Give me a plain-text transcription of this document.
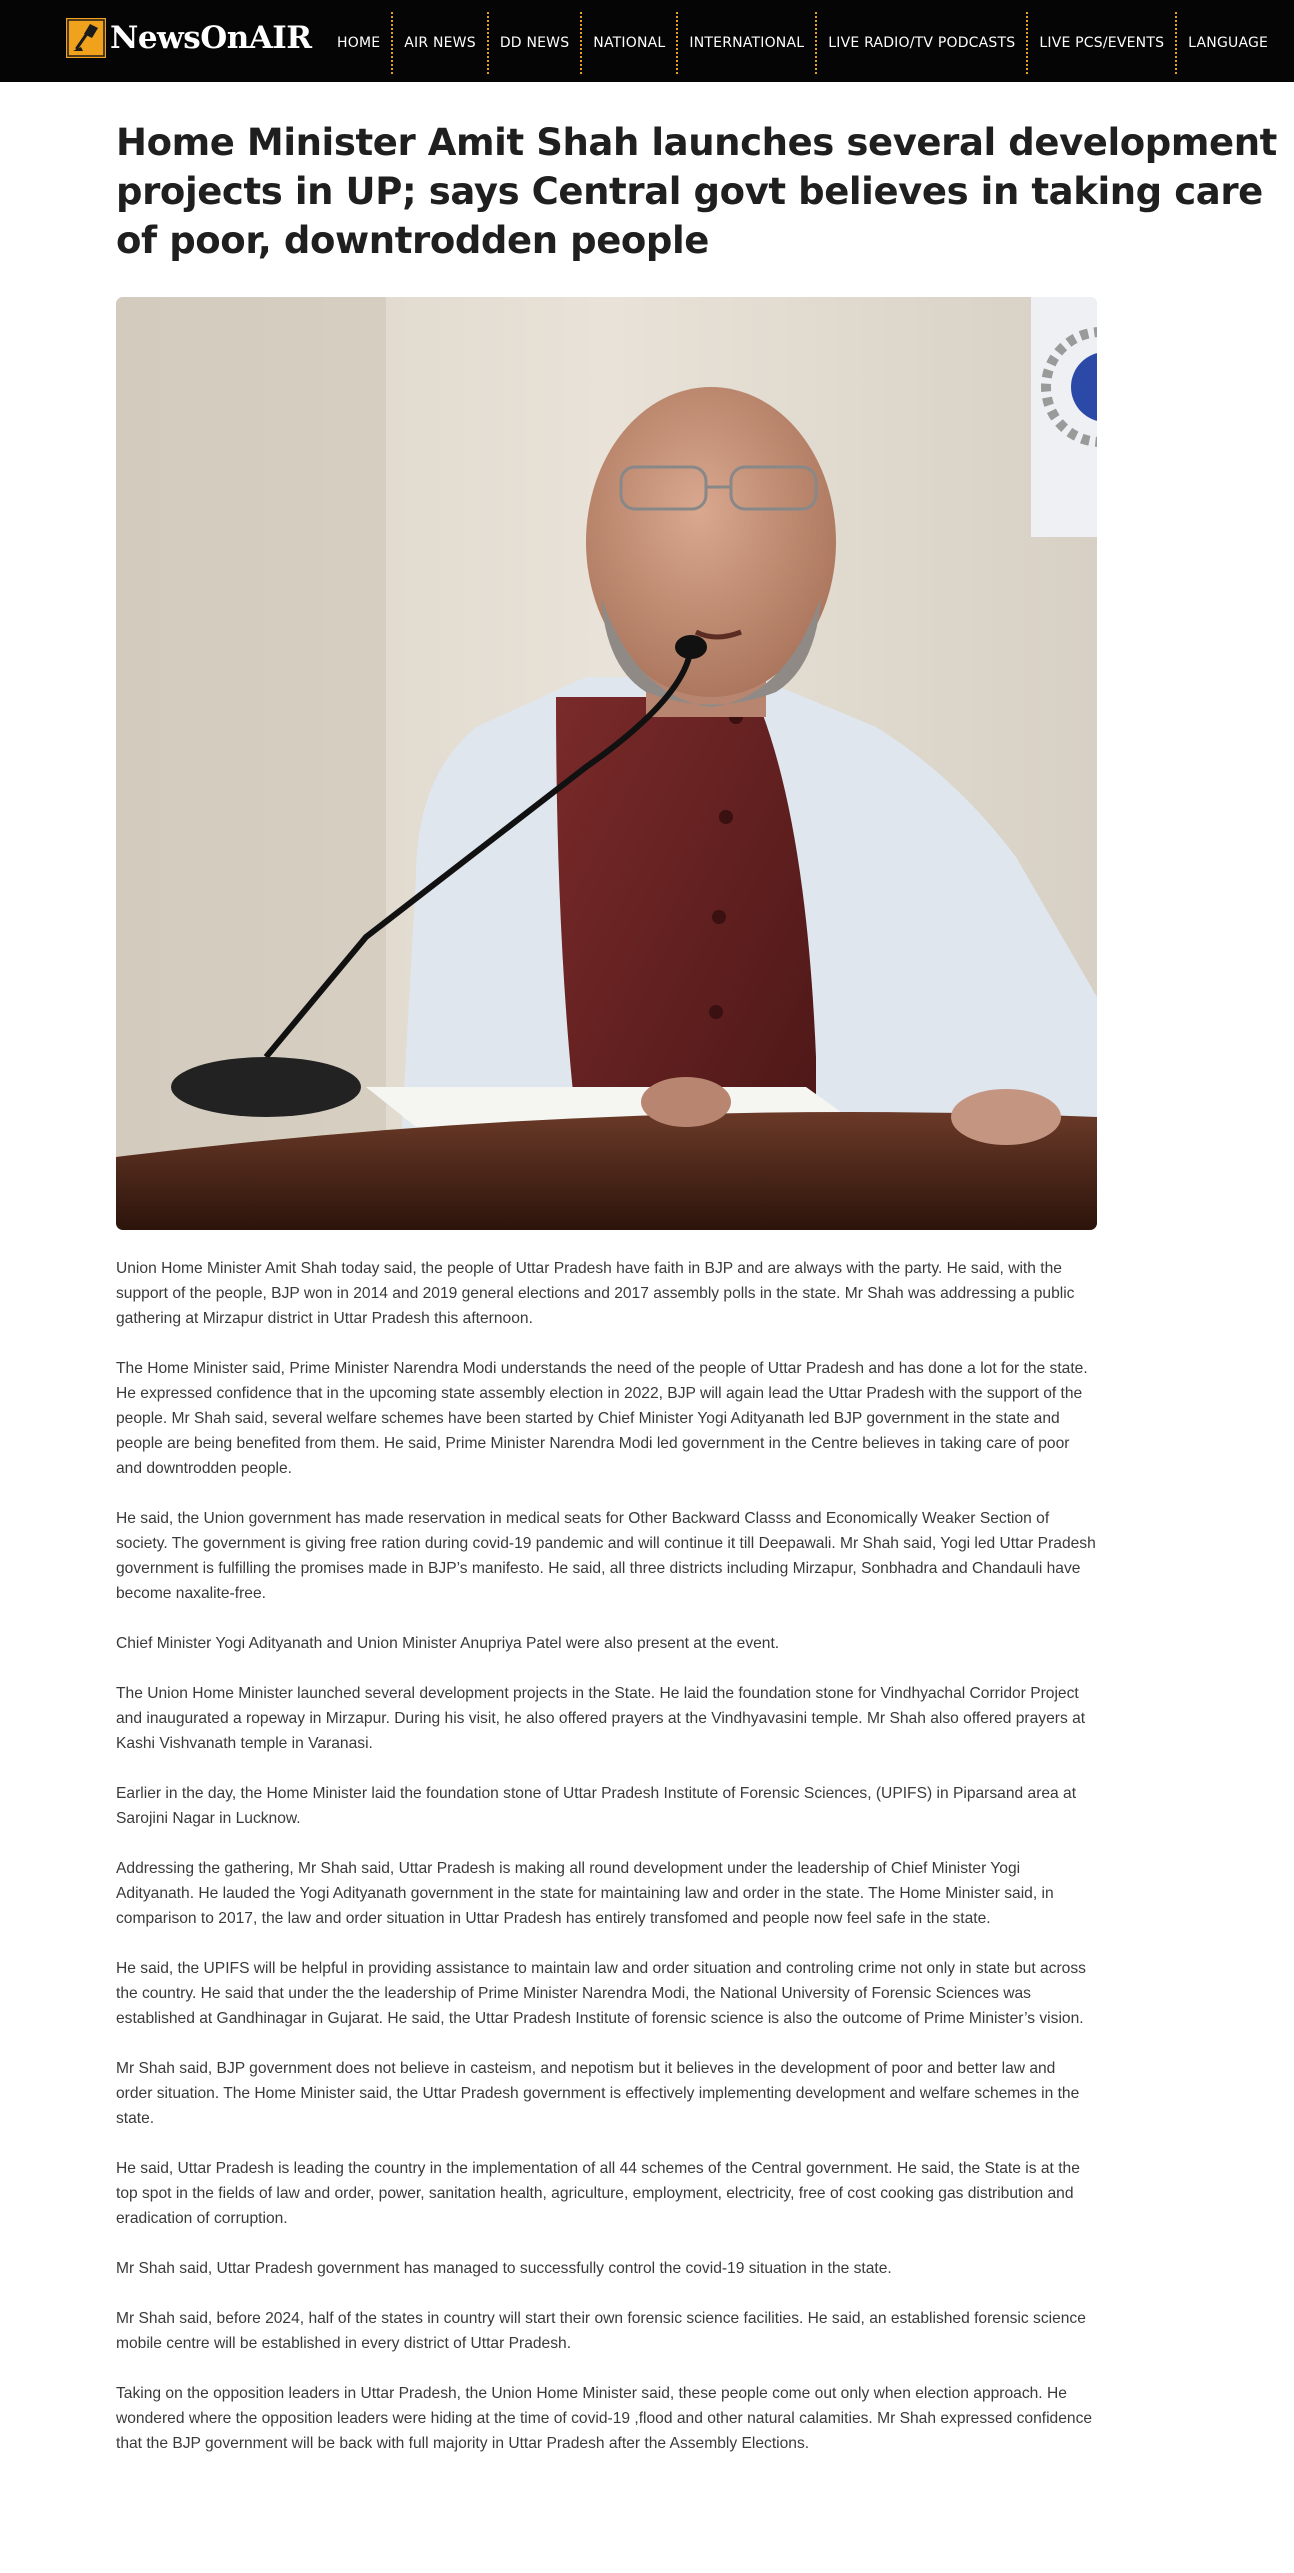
NewsOnAIR	HOME	AIR NEWS	DD NEWS	NATIONAL	INTERNATIONAL	LIVE RADIO/TV PODCASTS	LIVE PCS/EVENTS	LANGUAGE
Home Minister Amit Shah launches several development projects in UP; says Central govt believes in taking care of poor, downtrodden people

Union Home Minister Amit Shah today said, the people of Uttar Pradesh have faith in BJP and are always with the party. He said, with the support of the people, BJP won in 2014 and 2019 general elections and 2017 assembly polls in the state. Mr Shah was addressing a public gathering at Mirzapur district in Uttar Pradesh this afternoon.

The Home Minister said, Prime Minister Narendra Modi understands the need of the people of Uttar Pradesh and has done a lot for the state. He expressed confidence that in the upcoming state assembly election in 2022, BJP will again lead the Uttar Pradesh with the support of the people. Mr Shah said, several welfare schemes have been started by Chief Minister Yogi Adityanath led BJP government in the state and people are being benefited from them. He said, Prime Minister Narendra Modi led government in the Centre believes in taking care of poor and downtrodden people.

He said, the Union government has made reservation in medical seats for Other Backward Classs and Economically Weaker Section of society. The government is giving free ration during covid-19 pandemic and will continue it till Deepawali. Mr Shah said, Yogi led Uttar Pradesh government is fulfilling the promises made in BJP’s manifesto. He said, all three districts including Mirzapur, Sonbhadra and Chandauli have become naxalite-free.

Chief Minister Yogi Adityanath and Union Minister Anupriya Patel were also present at the event.

The Union Home Minister launched several development projects in the State. He laid the foundation stone for Vindhyachal Corridor Project and inaugurated a ropeway in Mirzapur. During his visit, he also offered prayers at the Vindhyavasini temple. Mr Shah also offered prayers at Kashi Vishvanath temple in Varanasi.

Earlier in the day, the Home Minister laid the foundation stone of Uttar Pradesh Institute of Forensic Sciences, (UPIFS) in Piparsand area at Sarojini Nagar in Lucknow.

Addressing the gathering, Mr Shah said, Uttar Pradesh is making all round development under the leadership of Chief Minister Yogi Adityanath. He lauded the Yogi Adityanath government in the state for maintaining law and order in the state. The Home Minister said, in comparison to 2017, the law and order situation in Uttar Pradesh has entirely transfomed and people now feel safe in the state.

He said, the UPIFS will be helpful in providing assistance to maintain law and order situation and controling crime not only in state but across the country. He said that under the the leadership of Prime Minister Narendra Modi, the National University of Forensic Sciences was established at Gandhinagar in Gujarat. He said, the Uttar Pradesh Institute of forensic science is also the outcome of Prime Minister’s vision.

Mr Shah said, BJP government does not believe in casteism, and nepotism but it believes in the development of poor and better law and order situation. The Home Minister said, the Uttar Pradesh government is effectively implementing development and welfare schemes in the state.

He said, Uttar Pradesh is leading the country in the implementation of all 44 schemes of the Central government. He said, the State is at the top spot in the fields of law and order, power, sanitation health, agriculture, employment, electricity, free of cost cooking gas distribution and eradication of corruption.

Mr Shah said, Uttar Pradesh government has managed to successfully control the covid-19 situation in the state.

Mr Shah said, before 2024, half of the states in country will start their own forensic science facilities. He said, an established forensic science mobile centre will be established in every district of Uttar Pradesh.

Taking on the opposition leaders in Uttar Pradesh, the Union Home Minister said, these people come out only when election approach. He wondered where the opposition leaders were hiding at the time of covid-19 ,flood and other natural calamities. Mr Shah expressed confidence that the BJP government will be back with full majority in Uttar Pradesh after the Assembly Elections.
